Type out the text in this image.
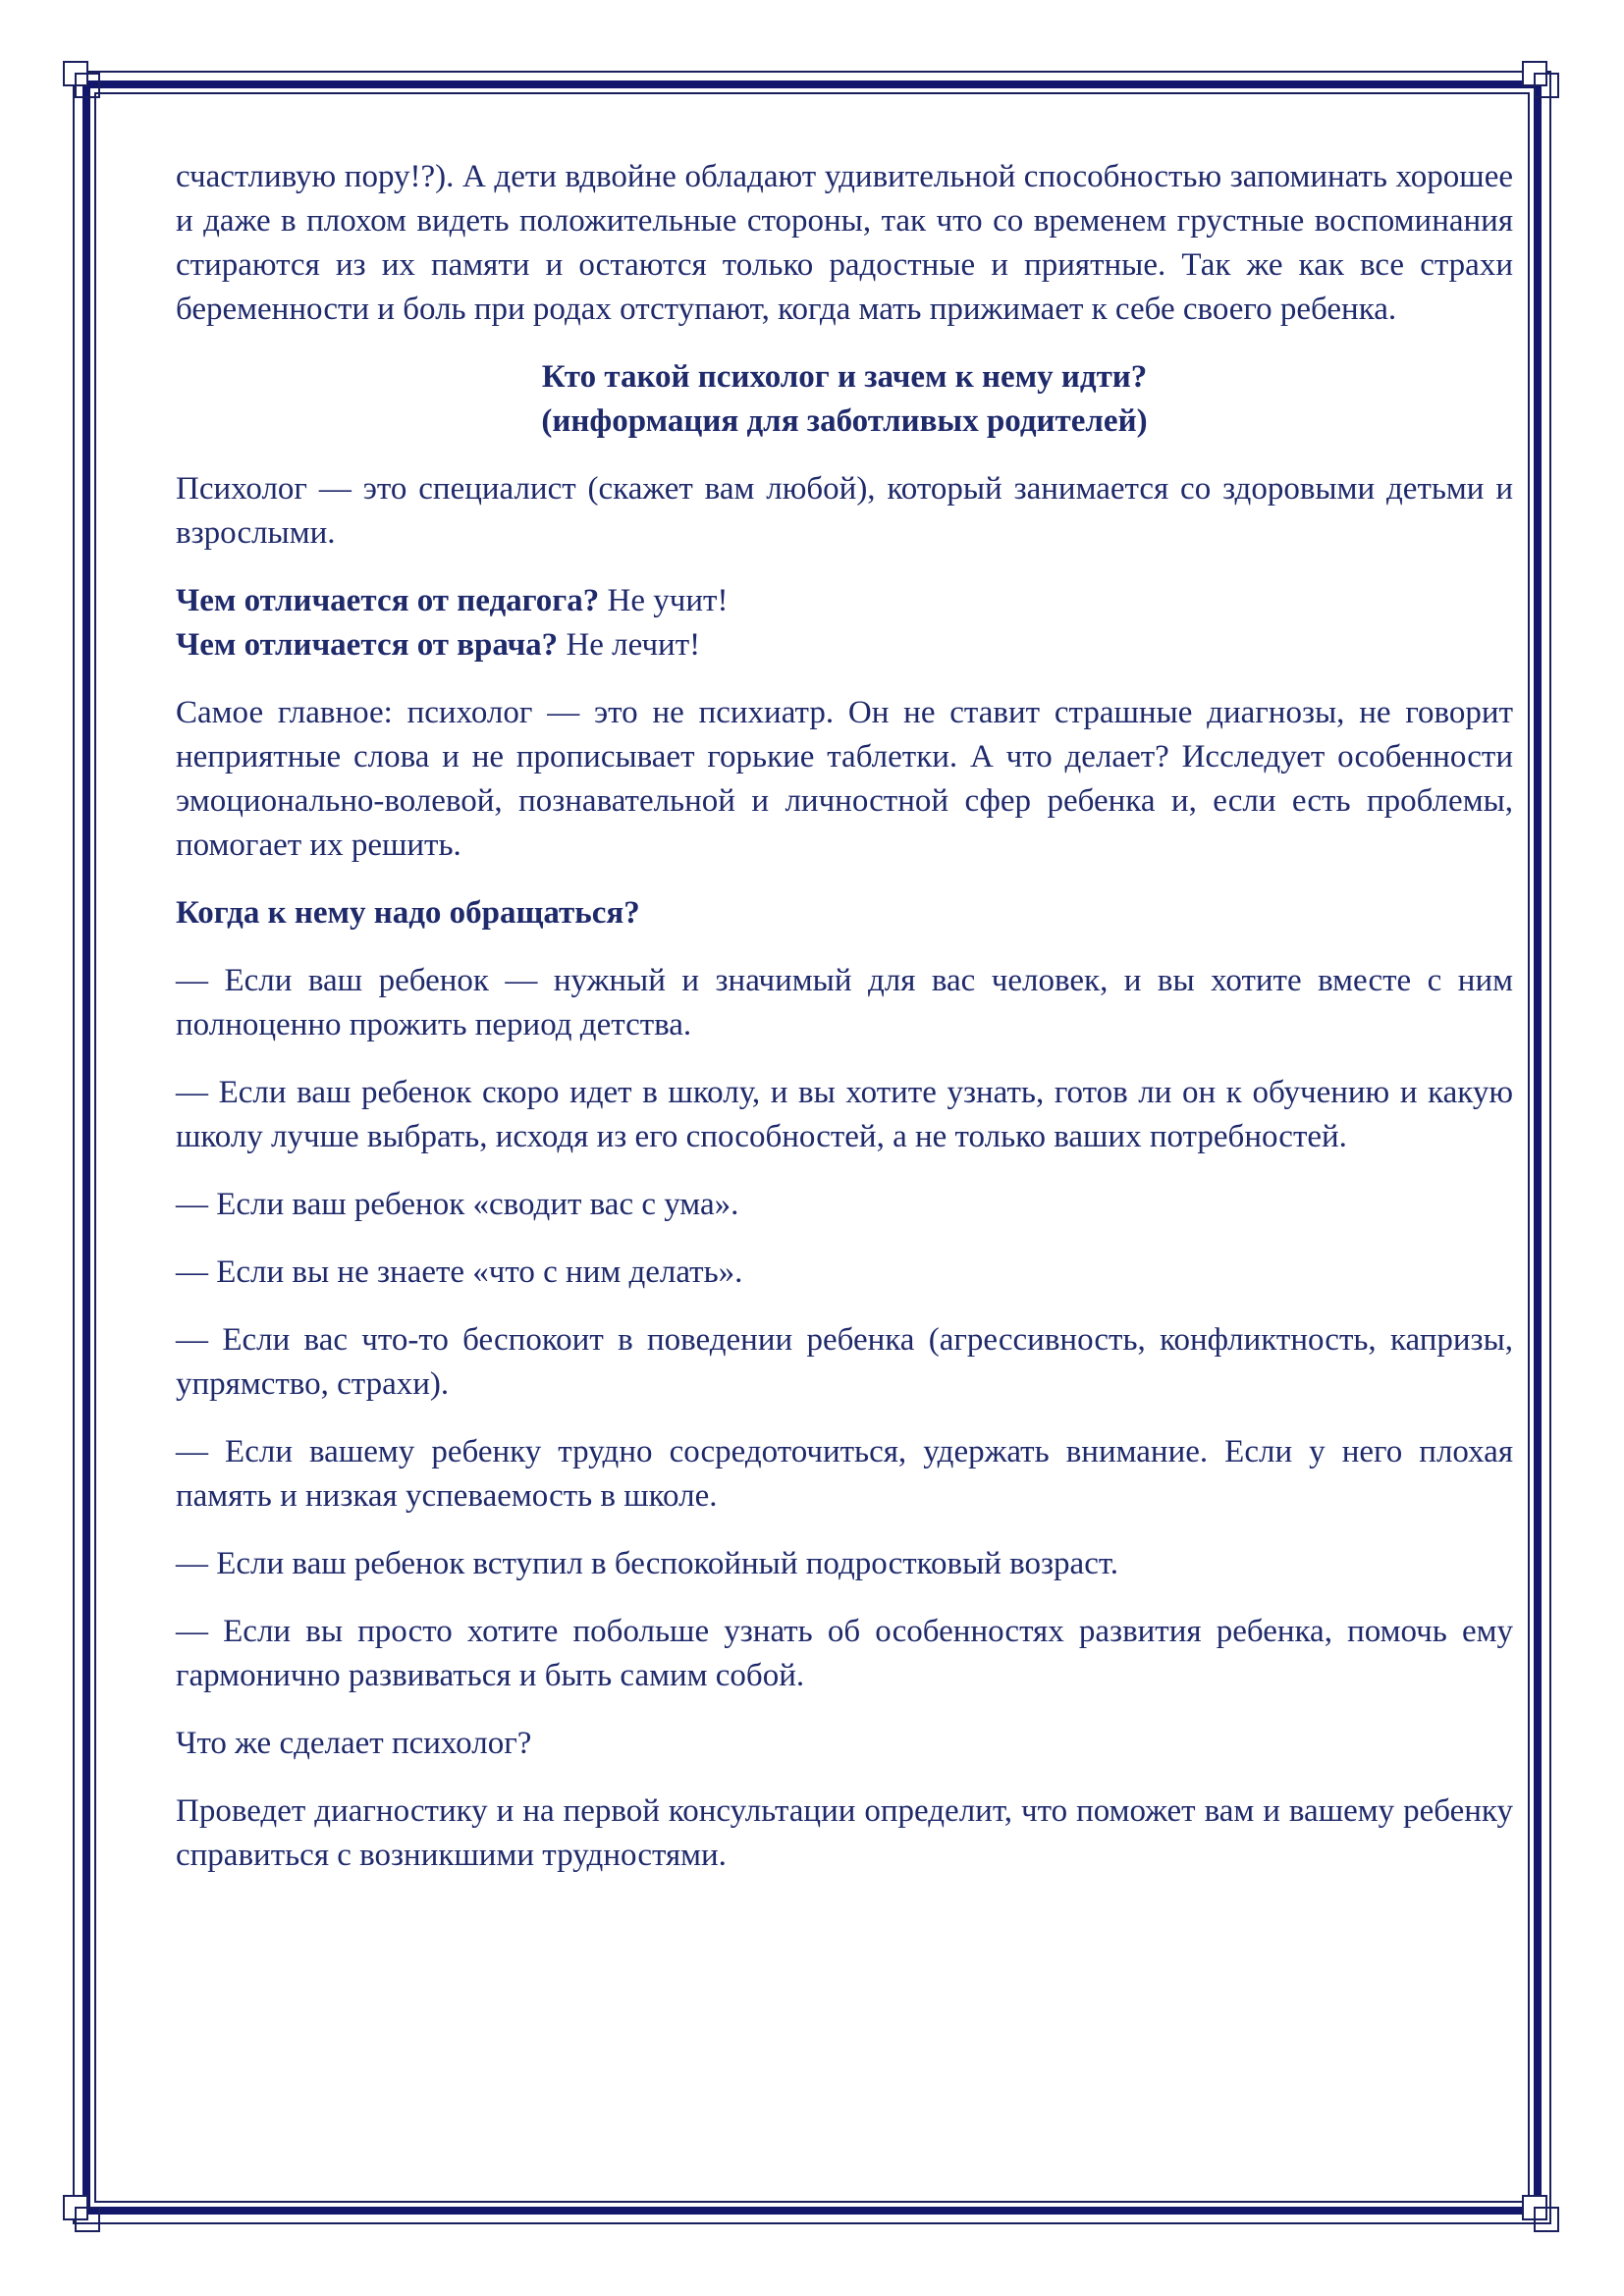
счастливую пору!?). А дети вдвойне обладают удивительной способностью запоминать хорошее и даже в плохом видеть положительные стороны, так что со временем грустные воспоминания стираются из их памяти и остаются только радостные и приятные. Так же как все страхи беременности и боль при родах отступают, когда мать прижимает к себе своего ребенка.

Кто такой психолог и зачем к нему идти?

(информация для заботливых родителей)

Психолог — это специалист (скажет вам любой), который занимается со здоровыми детьми и взрослыми.

Чем отличается от педагога? Не учит!

Чем отличается от врача? Не лечит!

Самое главное: психолог — это не психиатр. Он не ставит страшные диагнозы, не говорит неприятные слова и не прописывает горькие таблетки. А что делает? Исследует особенности эмоционально-волевой, познавательной и личностной сфер ребенка и, если есть проблемы, помогает их решить.

Когда к нему надо обращаться?

— Если ваш ребенок — нужный и значимый для вас человек, и вы хотите вместе с ним полноценно прожить период детства.

— Если ваш ребенок скоро идет в школу, и вы хотите узнать, готов ли он к обучению и какую школу лучше выбрать, исходя из его способностей, а не только ваших потребностей.

— Если ваш ребенок «сводит вас с ума».

— Если вы не знаете «что с ним делать».

— Если вас что-то беспокоит в поведении ребенка (агрессивность, конфликтность, капризы, упрямство, страхи).

— Если вашему ребенку трудно сосредоточиться, удержать внимание. Если у него плохая память и низкая успеваемость в школе.

— Если ваш ребенок вступил в беспокойный подростковый возраст.

— Если вы просто хотите побольше узнать об особенностях развития ребенка, помочь ему гармонично развиваться и быть самим собой.

Что же сделает психолог?

Проведет диагностику и на первой консультации определит, что поможет вам и вашему ребенку справиться с возникшими трудностями.
